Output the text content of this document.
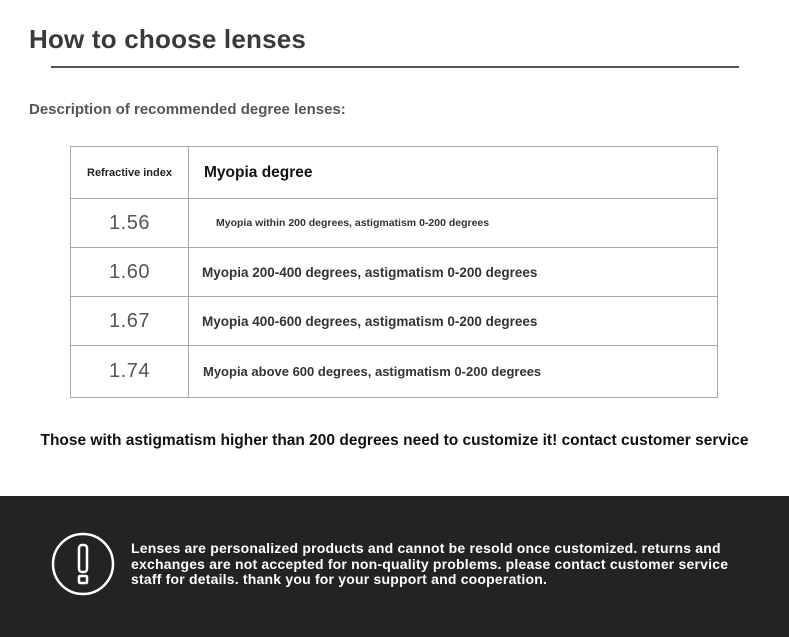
How to choose lenses
Description of recommended degree lenses:
Refractive index	Myopia degree
1.56	Myopia within 200 degrees, astigmatism 0-200 degrees
1.60	Myopia 200-400 degrees, astigmatism 0-200 degrees
1.67	Myopia 400-600 degrees, astigmatism 0-200 degrees
1.74	Myopia above 600 degrees, astigmatism 0-200 degrees
Those with astigmatism higher than 200 degrees need to customize it! contact customer service
Lenses are personalized products and cannot be resold once customized. returns and exchanges are not accepted for non-quality problems. please contact customer service staff for details. thank you for your support and cooperation.
